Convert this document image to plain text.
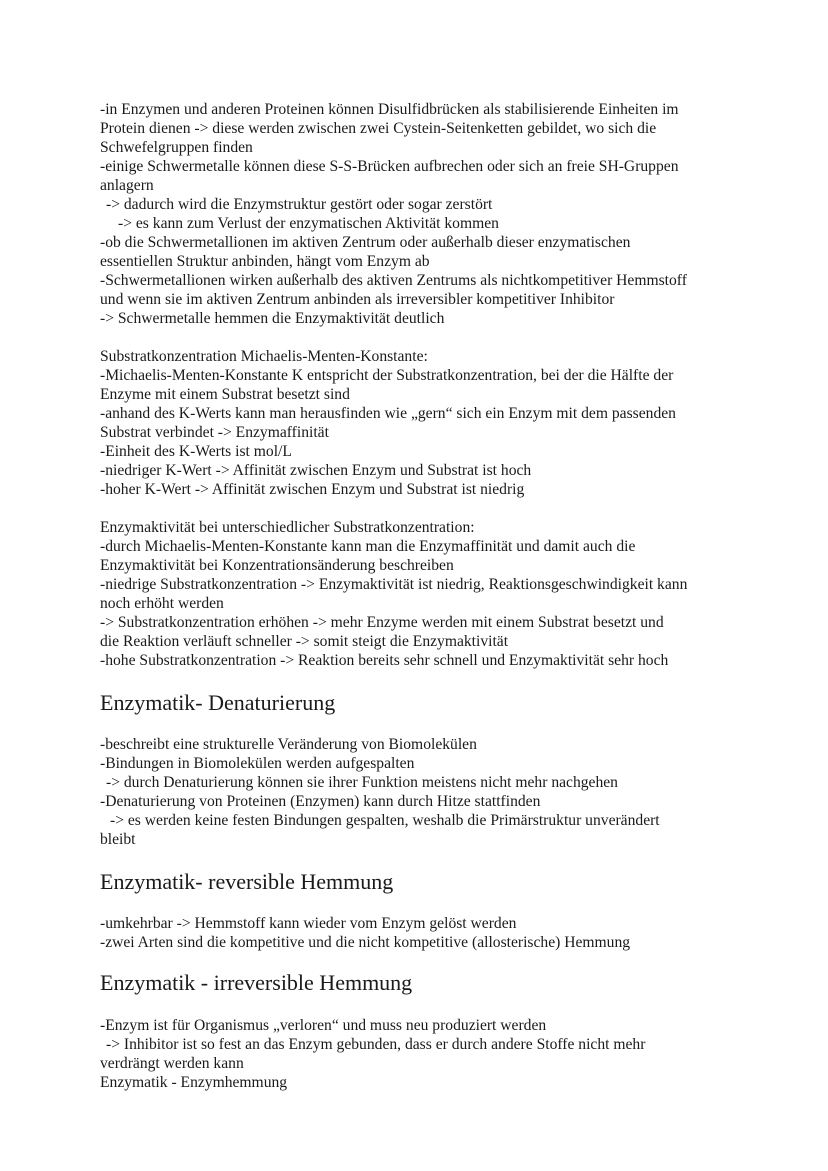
-in Enzymen und anderen Proteinen können Disulfidbrücken als stabilisierende Einheiten im
Protein dienen -> diese werden zwischen zwei Cystein-Seitenketten gebildet, wo sich die
Schwefelgruppen finden
-einige Schwermetalle können diese S-S-Brücken aufbrechen oder sich an freie SH-Gruppen
anlagern
-> dadurch wird die Enzymstruktur gestört oder sogar zerstört
-> es kann zum Verlust der enzymatischen Aktivität kommen
-ob die Schwermetallionen im aktiven Zentrum oder außerhalb dieser enzymatischen
essentiellen Struktur anbinden, hängt vom Enzym ab
-Schwermetallionen wirken außerhalb des aktiven Zentrums als nichtkompetitiver Hemmstoff
und wenn sie im aktiven Zentrum anbinden als irreversibler kompetitiver Inhibitor
-> Schwermetalle hemmen die Enzymaktivität deutlich
Substratkonzentration Michaelis-Menten-Konstante:
-Michaelis-Menten-Konstante K entspricht der Substratkonzentration, bei der die Hälfte der
Enzyme mit einem Substrat besetzt sind
-anhand des K-Werts kann man herausfinden wie „gern“ sich ein Enzym mit dem passenden
Substrat verbindet -> Enzymaffinität
-Einheit des K-Werts ist mol/L
-niedriger K-Wert -> Affinität zwischen Enzym und Substrat ist hoch
-hoher K-Wert -> Affinität zwischen Enzym und Substrat ist niedrig
Enzymaktivität bei unterschiedlicher Substratkonzentration:
-durch Michaelis-Menten-Konstante kann man die Enzymaffinität und damit auch die
Enzymaktivität bei Konzentrationsänderung beschreiben
-niedrige Substratkonzentration -> Enzymaktivität ist niedrig, Reaktionsgeschwindigkeit kann
noch erhöht werden
-> Substratkonzentration erhöhen -> mehr Enzyme werden mit einem Substrat besetzt und
die Reaktion verläuft schneller -> somit steigt die Enzymaktivität
-hohe Substratkonzentration -> Reaktion bereits sehr schnell und Enzymaktivität sehr hoch
Enzymatik- Denaturierung
-beschreibt eine strukturelle Veränderung von Biomolekülen
-Bindungen in Biomolekülen werden aufgespalten
-> durch Denaturierung können sie ihrer Funktion meistens nicht mehr nachgehen
-Denaturierung von Proteinen (Enzymen) kann durch Hitze stattfinden
-> es werden keine festen Bindungen gespalten, weshalb die Primärstruktur unverändert
bleibt
Enzymatik- reversible Hemmung
-umkehrbar -> Hemmstoff kann wieder vom Enzym gelöst werden
-zwei Arten sind die kompetitive und die nicht kompetitive (allosterische) Hemmung
Enzymatik - irreversible Hemmung
-Enzym ist für Organismus „verloren“ und muss neu produziert werden
-> Inhibitor ist so fest an das Enzym gebunden, dass er durch andere Stoffe nicht mehr
verdrängt werden kann
Enzymatik - Enzymhemmung
